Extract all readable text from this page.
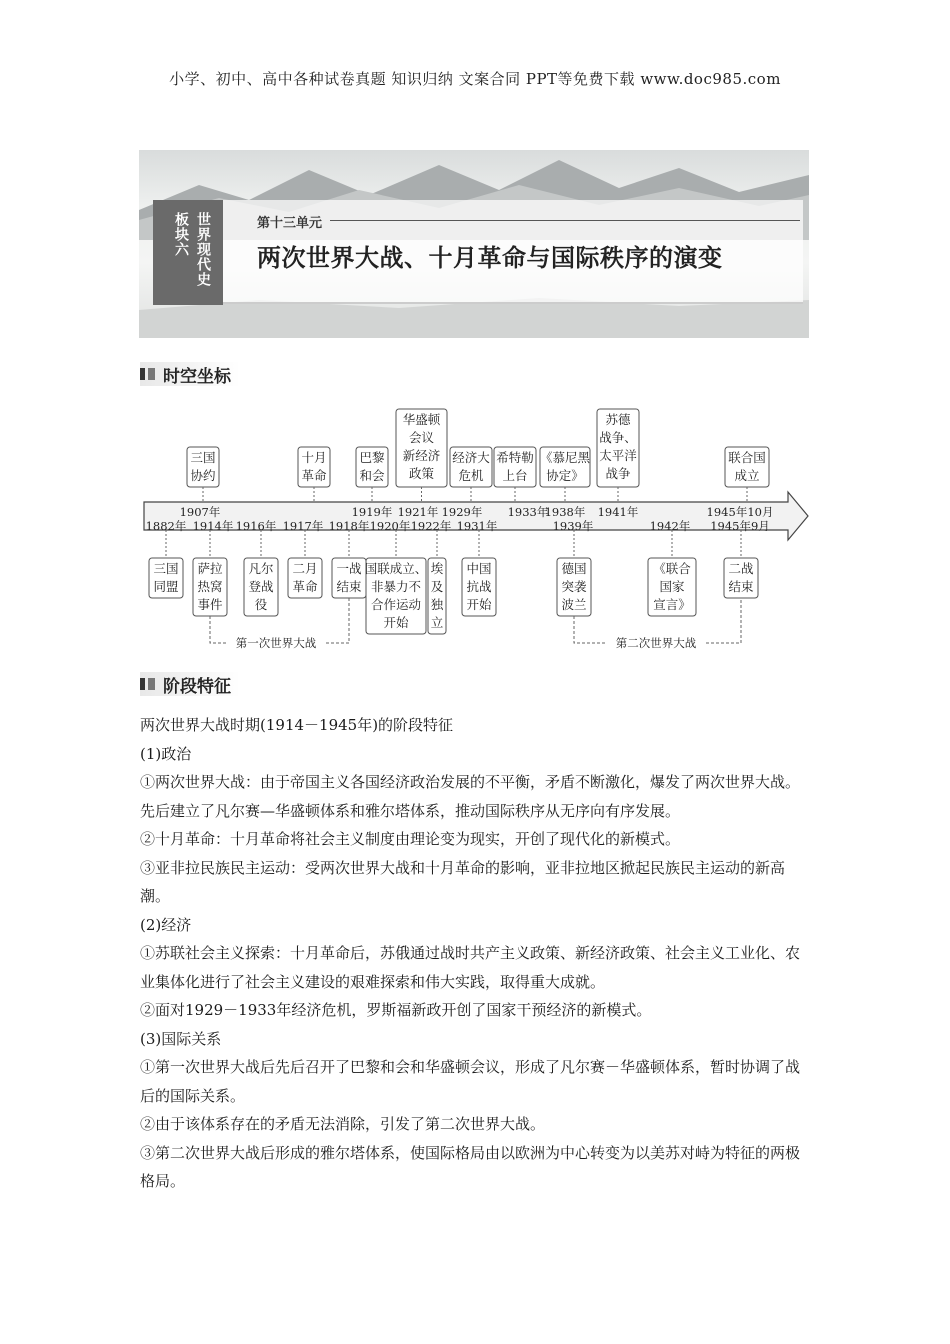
小学、初中、高中各种试卷真题 知识归纳 文案合同 PPT等免费下载 www.doc985.com
板块六 世界现代史	第十三单元
两次世界大战、十月革命与国际秩序的演变
时空坐标
1907年	1919年 1921年 1929年 1933年
1938年 1941年	1945年10月
1882年 1914年 1916年 1917年 1918年 1920年 1922年 1931年	1939年	1942年 1945年9月
三国
协约
十月
革命
巴黎
和会
华盛顿
会议
新经济
政策
经济大
危机
希特勒
上台
《慕尼黑
协定》
苏德
战争、
太平洋
战争
联合国
成立
三国
同盟
萨拉
热窝
事件
凡尔
登战
役
二月
革命
一战
结束
国联成立、
非暴力不
合作运动
开始
埃
及
独
立
中国
抗战
开始
德国
突袭
波兰
《联合
国家
宣言》
二战
结束
第一次世界大战	第二次世界大战
阶段特征

两次世界大战时期(1914－1945年)的阶段特征

(1)政治

①两次世界大战：由于帝国主义各国经济政治发展的不平衡，矛盾不断激化，爆发了两次世界大战。先后建立了凡尔赛—华盛顿体系和雅尔塔体系，推动国际秩序从无序向有序发展。

②十月革命：十月革命将社会主义制度由理论变为现实，开创了现代化的新模式。

③亚非拉民族民主运动：受两次世界大战和十月革命的影响，亚非拉地区掀起民族民主运动的新高潮。

(2)经济

①苏联社会主义探索：十月革命后，苏俄通过战时共产主义政策、新经济政策、社会主义工业化、农业集体化进行了社会主义建设的艰难探索和伟大实践，取得重大成就。

②面对1929－1933年经济危机，罗斯福新政开创了国家干预经济的新模式。

(3)国际关系

①第一次世界大战后先后召开了巴黎和会和华盛顿会议，形成了凡尔赛－华盛顿体系，暂时协调了战后的国际关系。

②由于该体系存在的矛盾无法消除，引发了第二次世界大战。

③第二次世界大战后形成的雅尔塔体系，使国际格局由以欧洲为中心转变为以美苏对峙为特征的两极格局。
